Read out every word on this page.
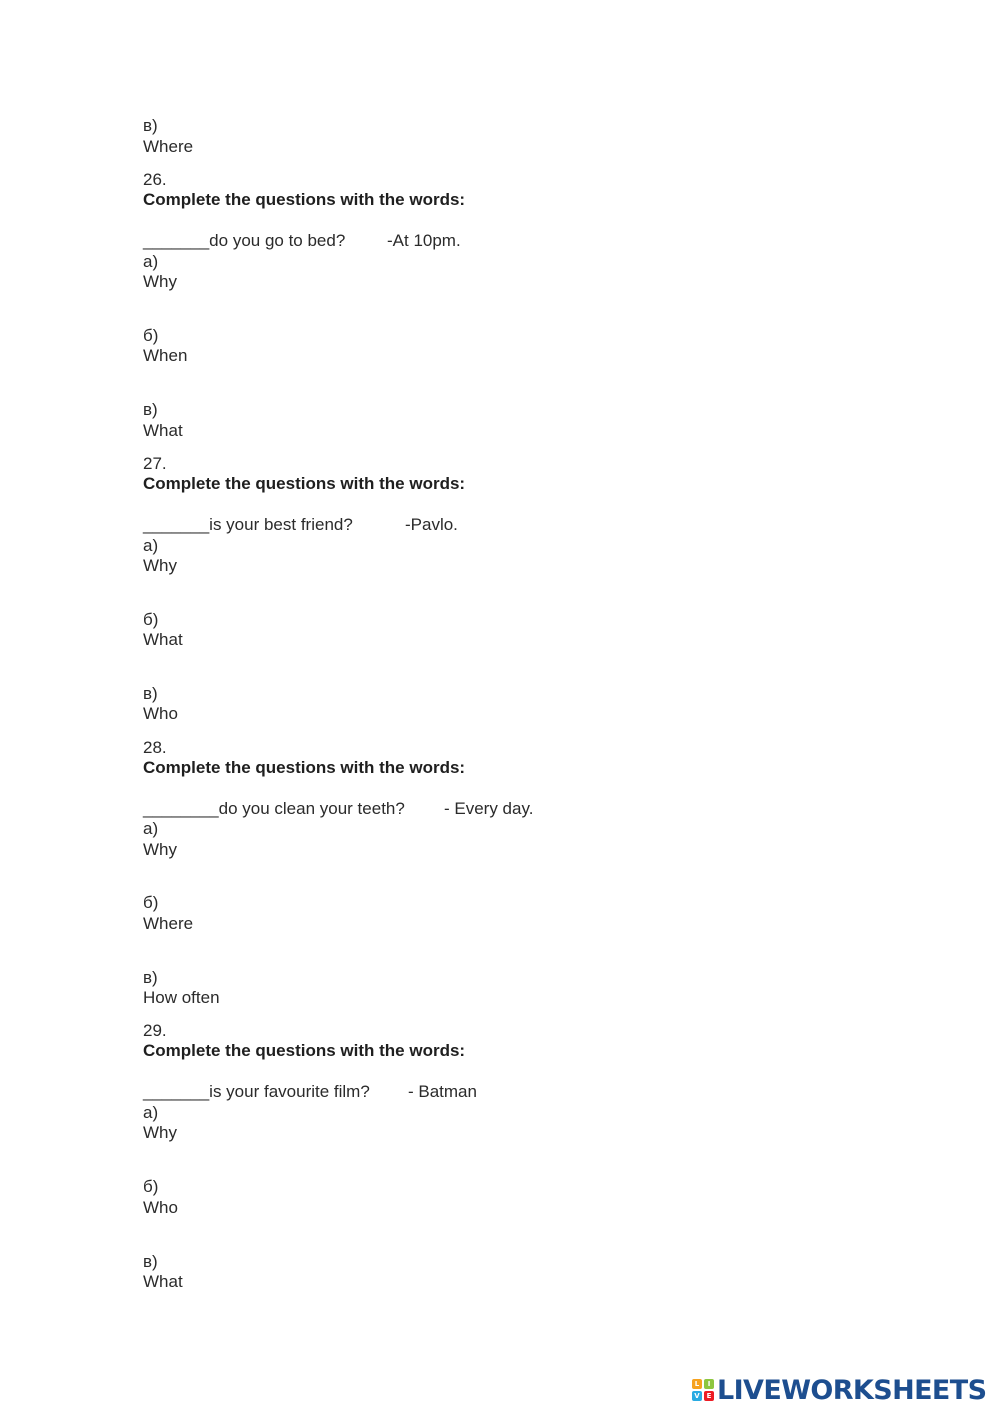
в)
Where
26.
Complete the questions with the words:
_______do you go to bed? -At 10pm.
а)
Why
б)
When
в)
What
27.
Complete the questions with the words:
_______is your best friend?	-Pavlo.
а)
Why
б)
What
в)
Who
28.
Complete the questions with the words:
________do you clean your teeth? - Every day.
а)
Why
б)
Where
в)
How often
29.
Complete the questions with the words:
_______is your favourite film? - Batman
а)
Why
б)
Who
в)
What
L	I
V E LIVEWORKSHEETS
